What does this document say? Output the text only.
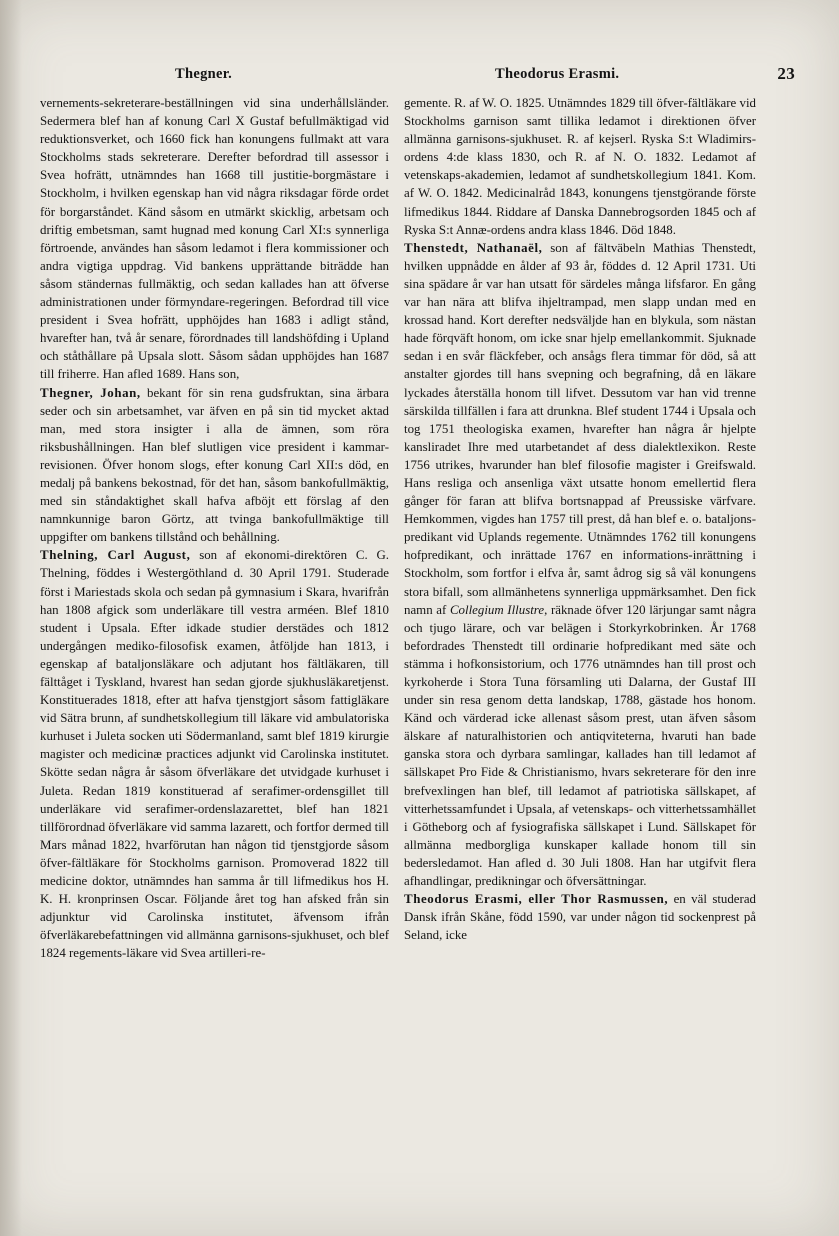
Thegner.	Theodorus Erasmi.	23

vernements-sekreterare-beställningen vid sina underhållsländer. Sedermera blef han af konung Carl X Gustaf befullmäktigad vid reduktionsverket, och 1660 fick han konungens fullmakt att vara Stockholms stads sekreterare. Derefter befordrad till assessor i Svea hofrätt, utnämndes han 1668 till justitie-borgmästare i Stockholm, i hvilken egenskap han vid några riksdagar förde ordet för borgarståndet. Känd såsom en utmärkt skicklig, arbetsam och driftig embetsman, samt hugnad med konung Carl XI:s synnerliga förtroende, användes han såsom ledamot i flera kommissioner och andra vigtiga uppdrag. Vid bankens upprättande biträdde han såsom ständernas fullmäktig, och sedan kallades han att öfverse administrationen under förmyndare-regeringen. Befordrad till vice president i Svea hofrätt, upphöjdes han 1683 i adligt stånd, hvarefter han, två år senare, förordnades till landshöfding i Upland och ståthållare på Upsala slott. Såsom sådan upphöjdes han 1687 till friherre. Han afled 1689. Hans son,

Thegner, Johan, bekant för sin rena gudsfruktan, sina ärbara seder och sin arbetsamhet, var äfven en på sin tid mycket aktad man, med stora insigter i alla de ämnen, som röra riksbushållningen. Han blef slutligen vice president i kammar-revisionen. Öfver honom slogs, efter konung Carl XII:s död, en medalj på bankens bekostnad, för det han, såsom bankofullmäktig, med sin ståndaktighet skall hafva afböjt ett förslag af den namnkunnige baron Görtz, att tvinga bankofullmäktige till uppgifter om bankens tillstånd och behållning.

Thelning, Carl August, son af ekonomi-direktören C. G. Thelning, föddes i Westergöthland d. 30 April 1791. Studerade först i Mariestads skola och sedan på gymnasium i Skara, hvarifrån han 1808 afgick som underläkare till vestra arméen. Blef 1810 student i Upsala. Efter idkade studier derstädes och 1812 undergången mediko-filosofisk examen, åtföljde han 1813, i egenskap af bataljonsläkare och adjutant hos fältläkaren, till fälttåget i Tyskland, hvarest han sedan gjorde sjukhusläkaretjenst. Konstituerades 1818, efter att hafva tjenstgjort såsom fattigläkare vid Sätra brunn, af sundhetskollegium till läkare vid ambulatoriska kurhuset i Juleta socken uti Södermanland, samt blef 1819 kirurgie magister och medicinæ practices adjunkt vid Carolinska institutet. Skötte sedan några år såsom öfverläkare det utvidgade kurhuset i Juleta. Redan 1819 konstituerad af serafimer-ordensgillet till underläkare vid serafimer-ordenslazarettet, blef han 1821 tillförordnad öfverläkare vid samma lazarett, och fortfor dermed till Mars månad 1822, hvarförutan han någon tid tjenstgjorde såsom öfver-fältläkare för Stockholms garnison. Promoverad 1822 till medicine doktor, utnämndes han samma år till lifmedikus hos H. K. H. kronprinsen Oscar. Följande året tog han afsked från sin adjunktur vid Carolinska institutet, äfvensom ifrån öfverläkarebefattningen vid allmänna garnisons-sjukhuset, och blef 1824 regements-läkare vid Svea artilleri-re-

gemente. R. af W. O. 1825. Utnämndes 1829 till öfver-fältläkare vid Stockholms garnison samt tillika ledamot i direktionen öfver allmänna garnisons-sjukhuset. R. af kejserl. Ryska S:t Wladimirs-ordens 4:de klass 1830, och R. af N. O. 1832. Ledamot af vetenskaps-akademien, ledamot af sundhetskollegium 1841. Kom. af W. O. 1842. Medicinalråd 1843, konungens tjenstgörande förste lifmedikus 1844. Riddare af Danska Dannebrogsorden 1845 och af Ryska S:t Annæ-ordens andra klass 1846. Död 1848.

Thenstedt, Nathanaël, son af fältväbeln Mathias Thenstedt, hvilken uppnådde en ålder af 93 år, föddes d. 12 April 1731. Uti sina spädare år var han utsatt för särdeles många lifsfaror. En gång var han nära att blifva ihjeltrampad, men slapp undan med en krossad hand. Kort derefter nedsväljde han en blykula, som nästan hade förqväft honom, om icke snar hjelp emellankommit. Sjuknade sedan i en svår fläckfeber, och ansågs flera timmar för död, så att anstalter gjordes till hans svepning och begrafning, då en läkare lyckades återställa honom till lifvet. Dessutom var han vid trenne särskilda tillfällen i fara att drunkna. Blef student 1744 i Upsala och tog 1751 theologiska examen, hvarefter han några år hjelpte kansliradet Ihre med utarbetandet af dess dialektlexikon. Reste 1756 utrikes, hvarunder han blef filosofie magister i Greifswald. Hans resliga och ansenliga växt utsatte honom emellertid flera gånger för faran att blifva bortsnappad af Preussiske värfvare. Hemkommen, vigdes han 1757 till prest, då han blef e. o. bataljons-predikant vid Uplands regemente. Utnämndes 1762 till konungens hofpredikant, och inrättade 1767 en informations-inrättning i Stockholm, som fortfor i elfva år, samt ådrog sig så väl konungens stora bifall, som allmänhetens synnerliga uppmärksamhet. Den fick namn af Collegium Illustre, räknade öfver 120 lärjungar samt några och tjugo lärare, och var belägen i Storkyrkobrinken. År 1768 befordrades Thenstedt till ordinarie hofpredikant med säte och stämma i hofkonsistorium, och 1776 utnämndes han till prost och kyrkoherde i Stora Tuna församling uti Dalarna, der Gustaf III under sin resa genom detta landskap, 1788, gästade hos honom. Känd och värderad icke allenast såsom prest, utan äfven såsom älskare af naturalhistorien och antiqviteterna, hvaruti han bade ganska stora och dyrbara samlingar, kallades han till ledamot af sällskapet Pro Fide & Christianismo, hvars sekreterare för den inre brefvexlingen han blef, till ledamot af patriotiska sällskapet, af vitterhetssamfundet i Upsala, af vetenskaps- och vitterhetssamhället i Götheborg och af fysiografiska sällskapet i Lund. Sällskapet för allmänna medborgliga kunskaper kallade honom till sin bedersledamot. Han afled d. 30 Juli 1808. Han har utgifvit flera afhandlingar, predikningar och öfversättningar.

Theodorus Erasmi, eller Thor Rasmussen, en väl studerad Dansk ifrån Skåne, född 1590, var under någon tid sockenprest på Seland, icke
